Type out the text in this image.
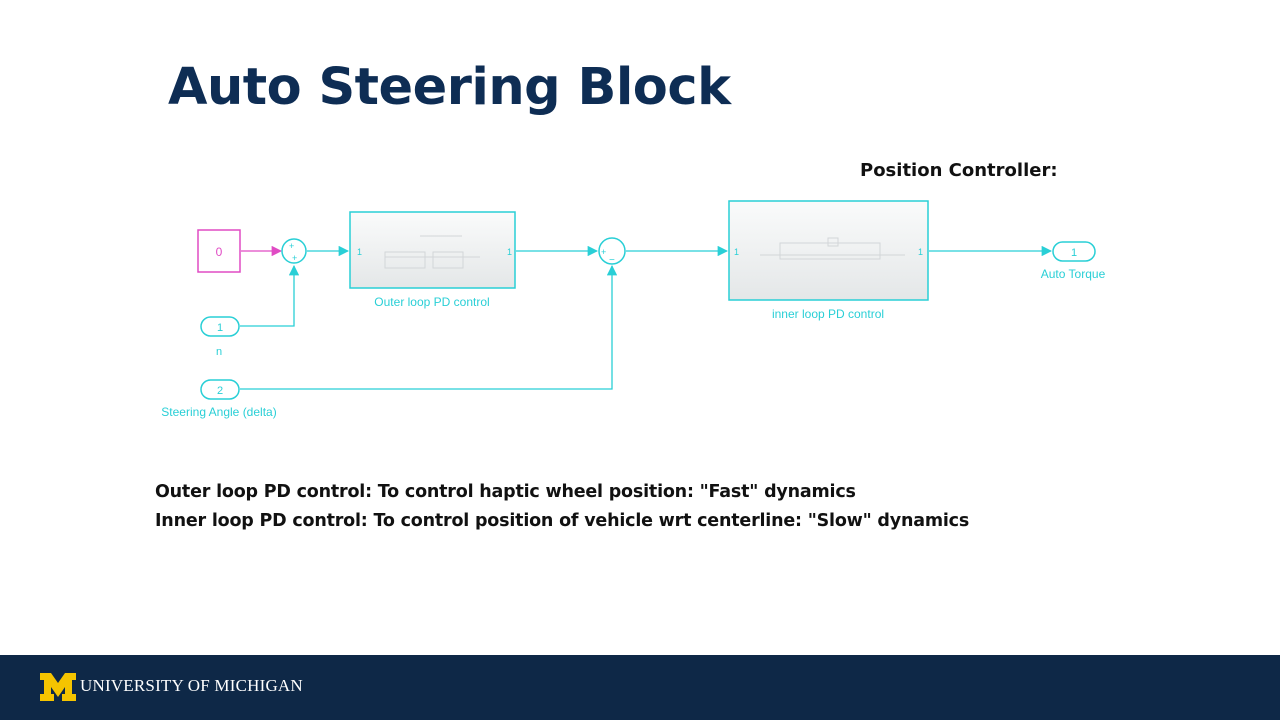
Auto Steering Block
Position Controller:
0	+
+
1
n
2
Steering Angle (delta)
1	1
Outer loop PD control
+
−
1	1
inner loop PD control
1
Auto Torque
Outer loop PD control: To control haptic wheel position: "Fast" dynamics
Inner loop PD control: To control position of vehicle wrt centerline: "Slow" dynamics
UNIVERSITY OF MICHIGAN
